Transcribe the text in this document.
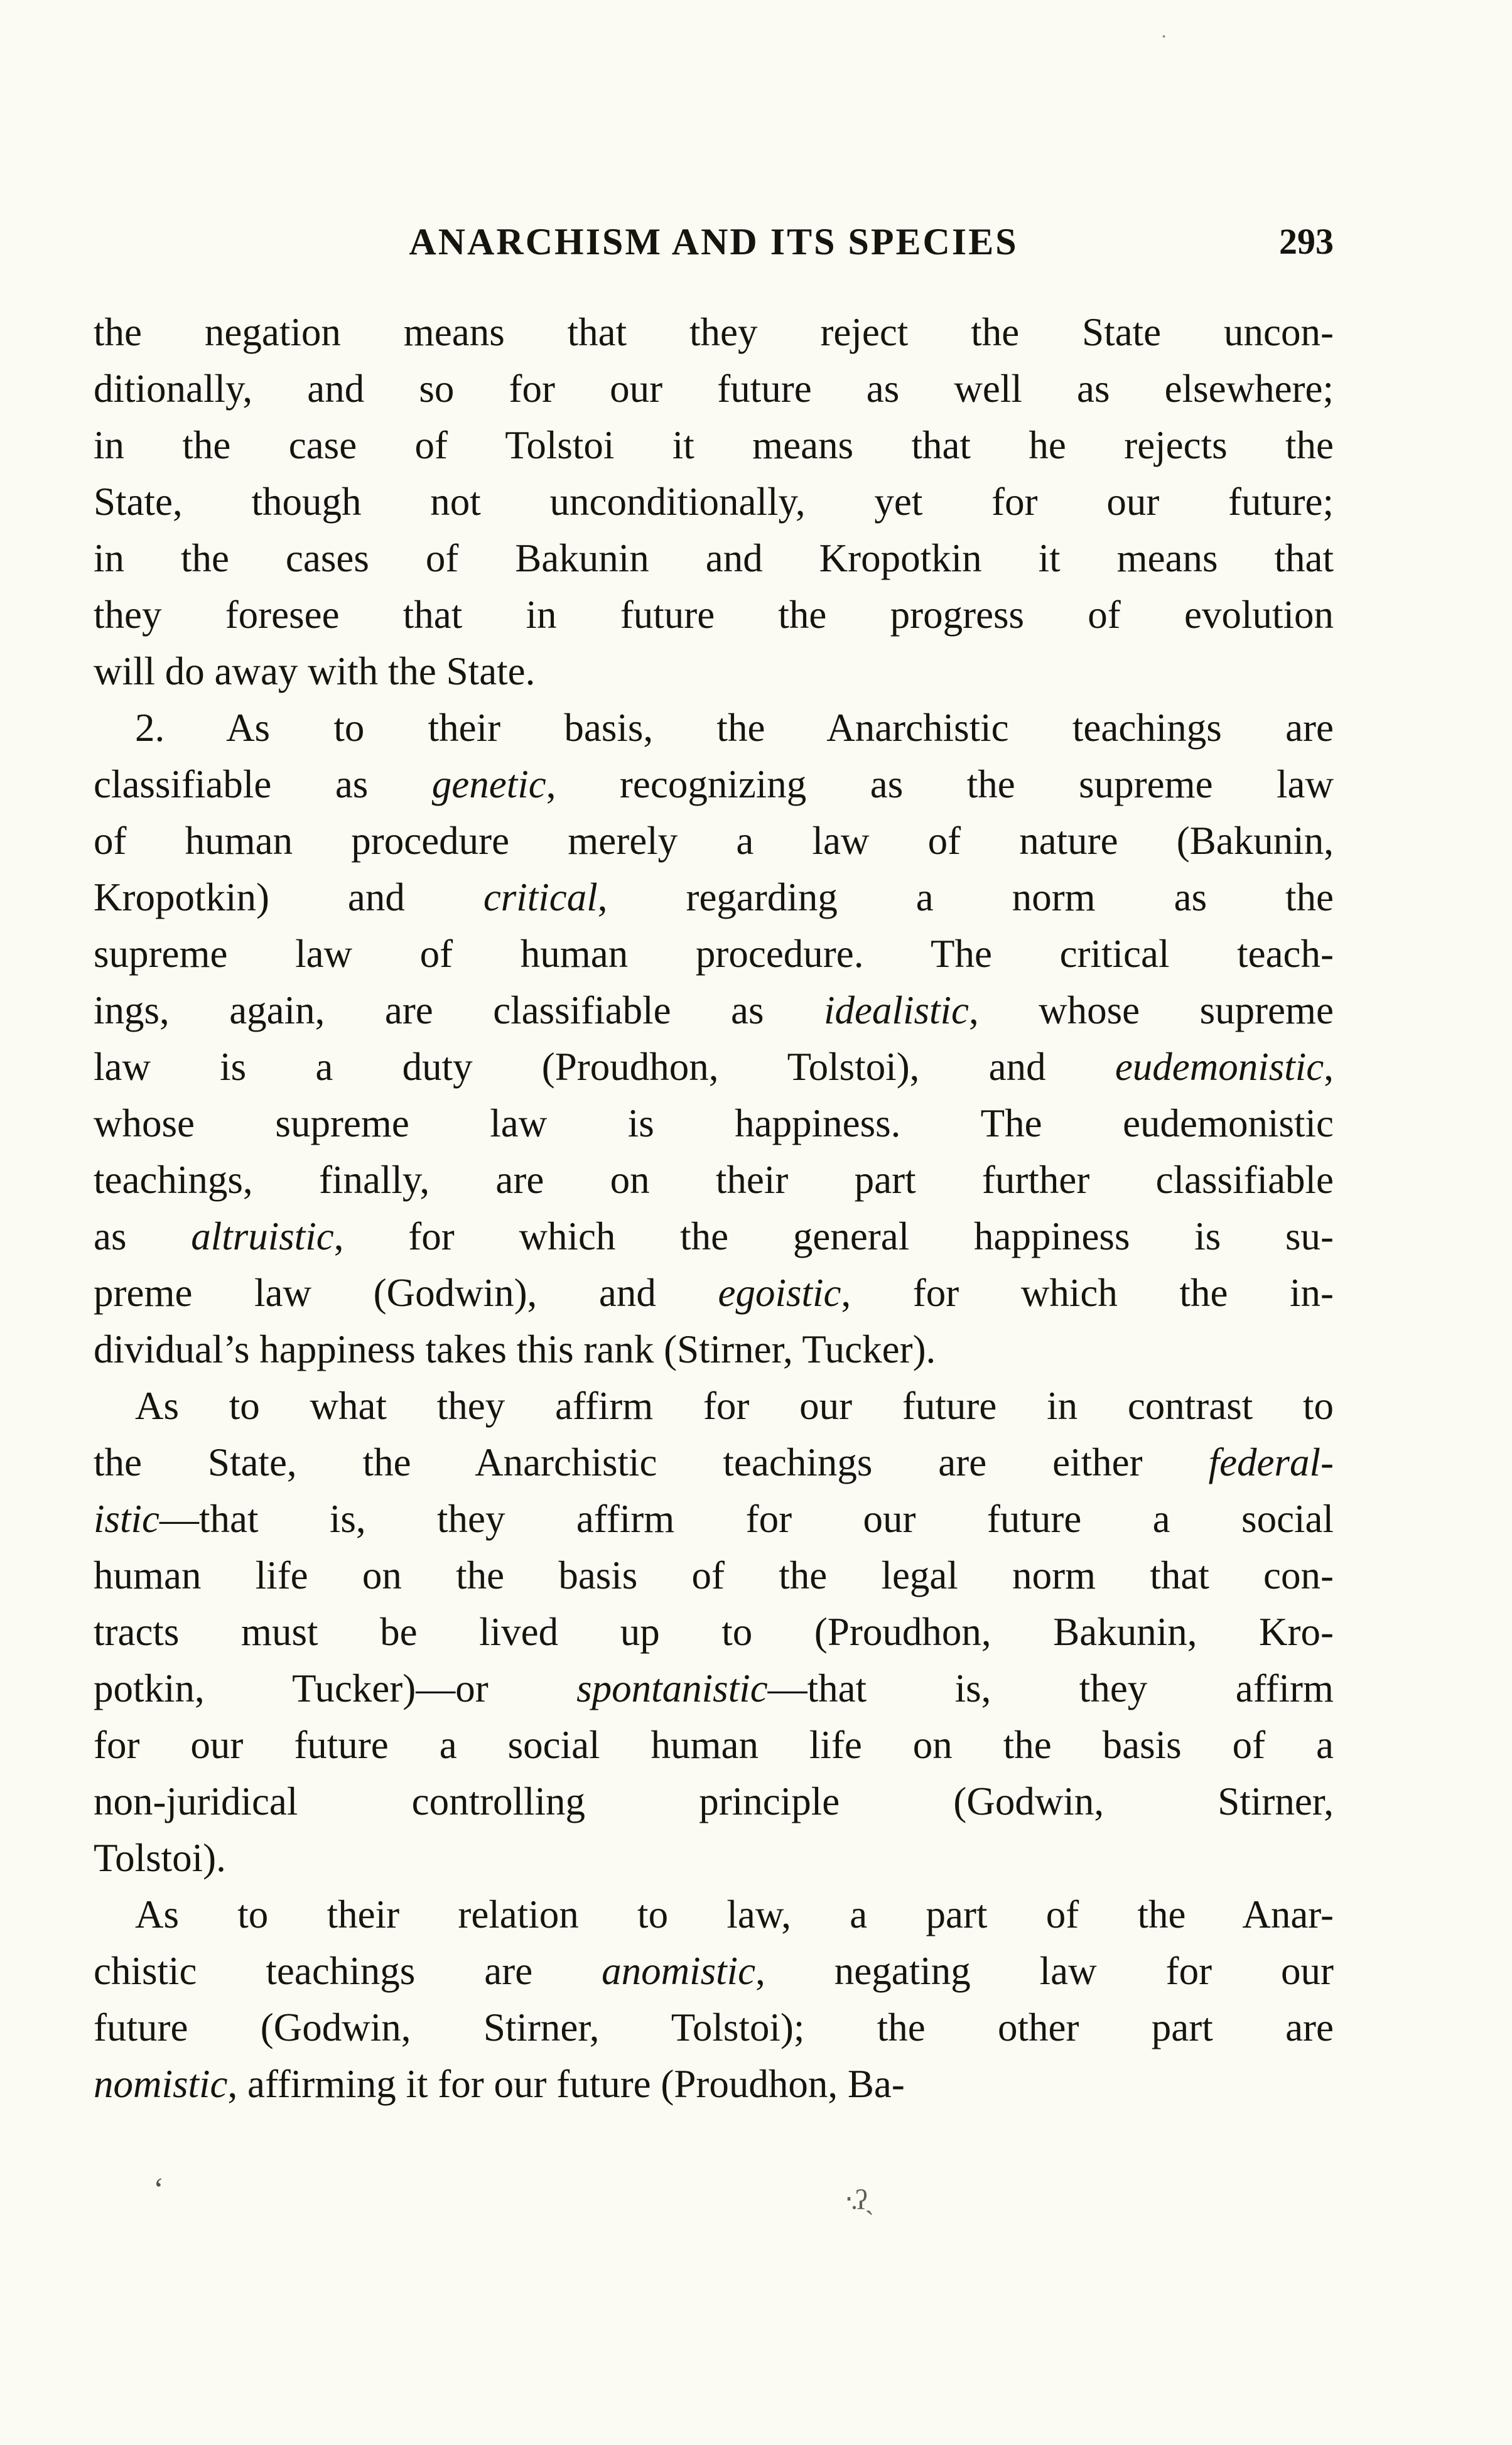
ANARCHISM AND ITS SPECIES	293
the negation means that they reject the State uncon-
ditionally, and so for our future as well as elsewhere;
in the case of Tolstoi it means that he rejects the
State, though not unconditionally, yet for our future;
in the cases of Bakunin and Kropotkin it means that
they foresee that in future the progress of evolution
will do away with the State.
2. As to their basis, the Anarchistic teachings are
classifiable as genetic, recognizing as the supreme law
of human procedure merely a law of nature (Bakunin,
Kropotkin) and critical, regarding a norm as the
supreme law of human procedure. The critical teach-
ings, again, are classifiable as idealistic, whose supreme
law is a duty (Proudhon, Tolstoi), and eudemonistic,
whose supreme law is happiness. The eudemonistic
teachings, finally, are on their part further classifiable
as altruistic, for which the general happiness is su-
preme law (Godwin), and egoistic, for which the in-
dividual’s happiness takes this rank (Stirner, Tucker).
As to what they affirm for our future in contrast to
the State, the Anarchistic teachings are either federal-
istic—that is, they affirm for our future a social
human life on the basis of the legal norm that con-
tracts must be lived up to (Proudhon, Bakunin, Kro-
potkin, Tucker)—or spontanistic—that is, they affirm
for our future a social human life on the basis of a
non-juridical controlling principle (Godwin, Stirner,
Tolstoi).
As to their relation to law, a part of the Anar-
chistic teachings are anomistic, negating law for our
future (Godwin, Stirner, Tolstoi); the other part are
nomistic, affirming it for our future (Proudhon, Ba-
·
‘	‧.ʔˏ
